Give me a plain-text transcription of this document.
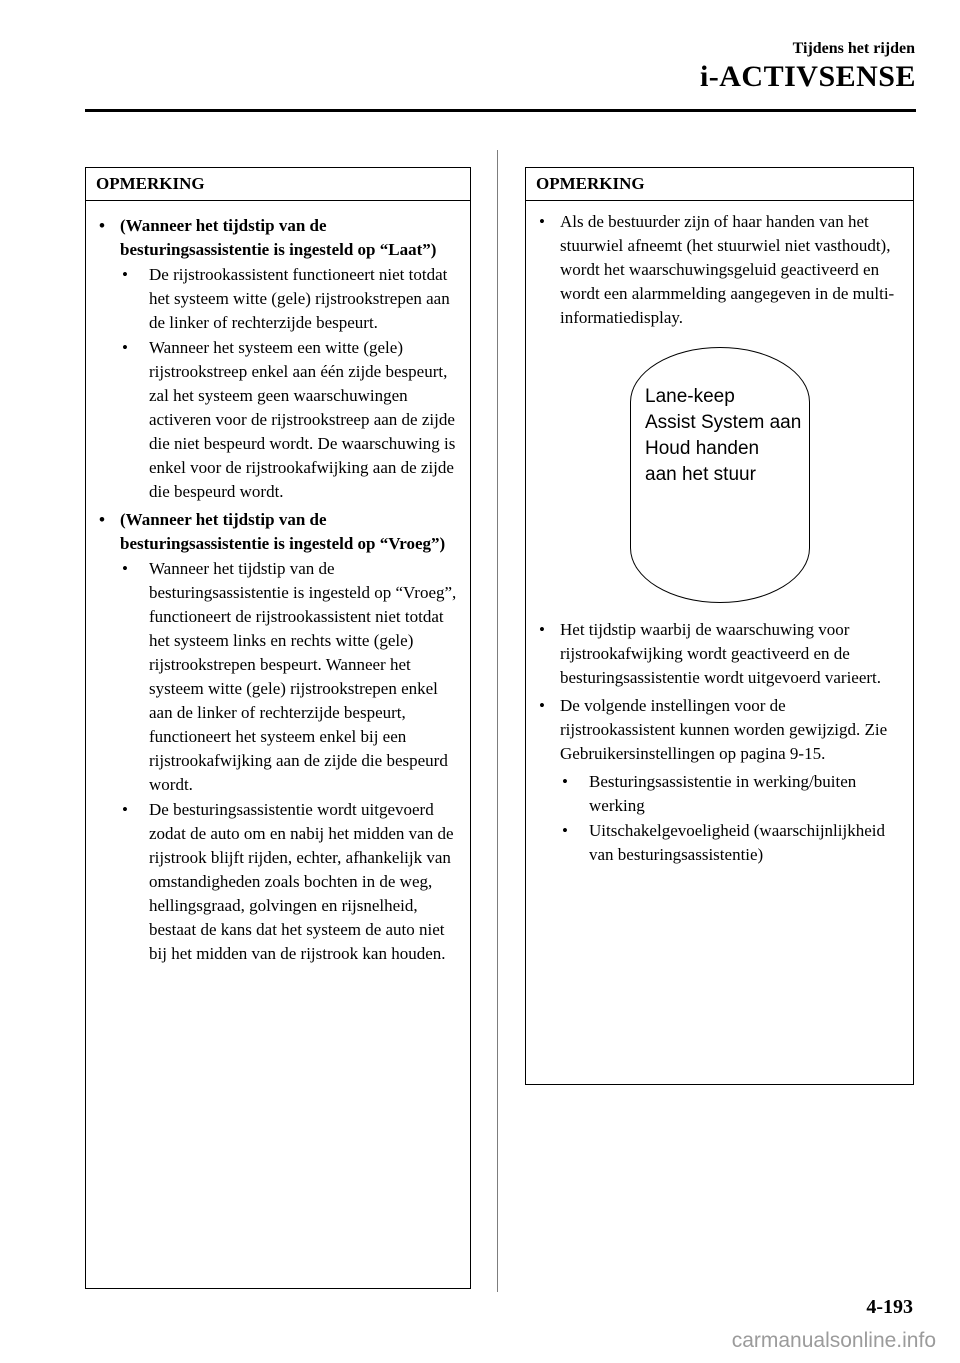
Tijdens het rijden
i-ACTIVSENSE
OPMERKING
• (Wanneer het tijdstip van de besturingsassistentie is ingesteld op “Laat”)
•	De rijstrookassistent functioneert niet totdat het systeem witte (gele) rijstrookstrepen aan de linker of rechterzijde bespeurt.
•	Wanneer het systeem een witte (gele) rijstrookstreep enkel aan één zijde bespeurt, zal het systeem geen waarschuwingen activeren voor de rijstrookstreep aan de zijde die niet bespeurd wordt. De waarschuwing is enkel voor de rijstrookafwijking aan de zijde die bespeurd wordt.
• (Wanneer het tijdstip van de besturingsassistentie is ingesteld op “Vroeg”)
•	Wanneer het tijdstip van de besturingsassistentie is ingesteld op “Vroeg”, functioneert de rijstrookassistent niet totdat het systeem links en rechts witte (gele) rijstrookstrepen bespeurt. Wanneer het systeem witte (gele) rijstrookstrepen enkel aan de linker of rechterzijde bespeurt, functioneert het systeem enkel bij een rijstrookafwijking aan de zijde die bespeurd wordt.
•	De besturingsassistentie wordt uitgevoerd zodat de auto om en nabij het midden van de rijstrook blijft rijden, echter, afhankelijk van omstandigheden zoals bochten in de weg, hellingsgraad, golvingen en rijsnelheid, bestaat de kans dat het systeem de auto niet bij het midden van de rijstrook kan houden.
OPMERKING
• Als de bestuurder zijn of haar handen van het stuurwiel afneemt (het stuurwiel niet vasthoudt), wordt het waarschuwingsgeluid geactiveerd en wordt een alarmmelding aangegeven in de multi-informatiedisplay.
Lane-keep
Assist System aan
Houd handen
aan het stuur
• Het tijdstip waarbij de waarschuwing voor rijstrookafwijking wordt geactiveerd en de besturingsassistentie wordt uitgevoerd varieert.
• De volgende instellingen voor de rijstrookassistent kunnen worden gewijzigd. Zie Gebruikersinstellingen op pagina 9-15.
•	Besturingsassistentie in werking/buiten werking
•	Uitschakelgevoeligheid (waarschijnlijkheid van besturingsassistentie)
4-193
carmanualsonline.info
